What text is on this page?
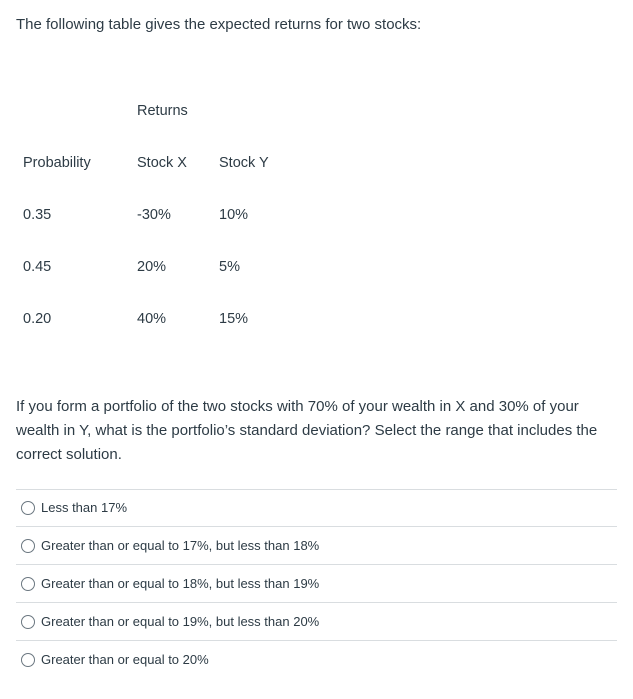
The following table gives the expected returns for two stocks:
Returns
Probability	Stock X Stock Y
0.35	-30%	10%
0.45	20%	5%
0.20	40%	15%
If you form a portfolio of the two stocks with 70% of your wealth in X and 30% of your wealth in Y, what is the portfolio’s standard deviation? Select the range that includes the correct solution.
Less than 17%
Greater than or equal to 17%, but less than 18%
Greater than or equal to 18%, but less than 19%
Greater than or equal to 19%, but less than 20%
Greater than or equal to 20%
